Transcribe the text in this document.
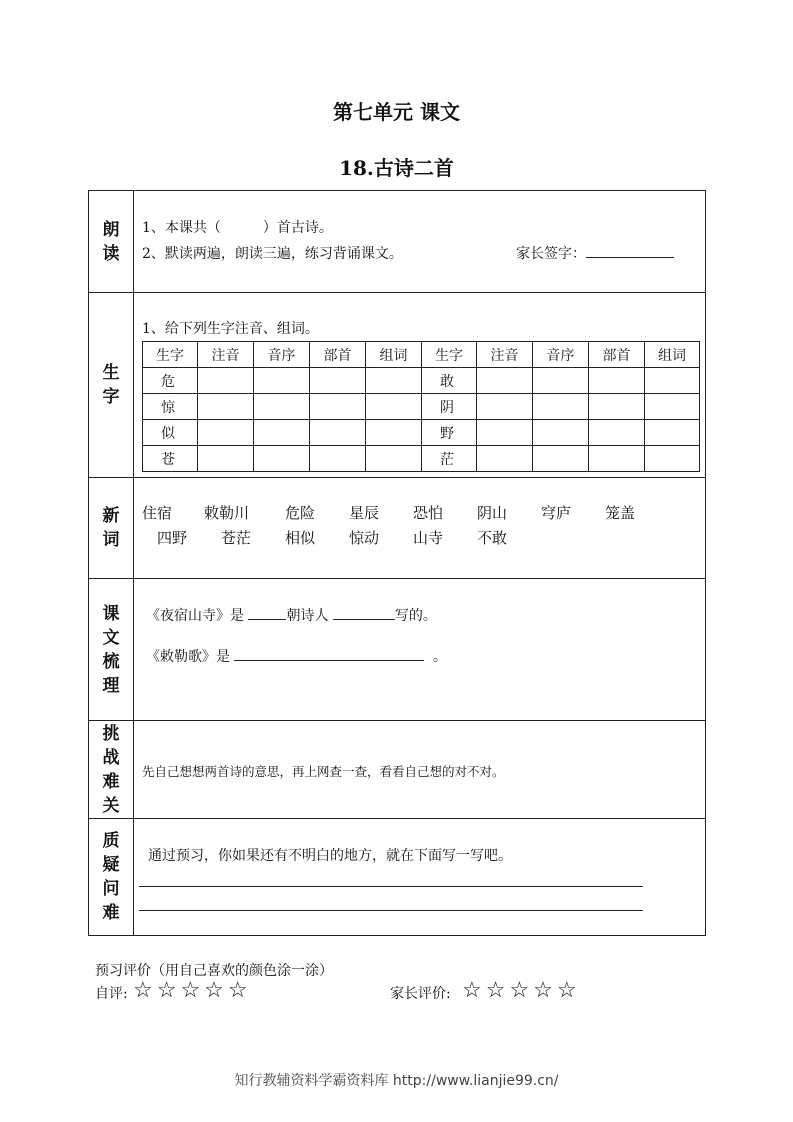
第七单元 课文
18.古诗二首
朗
读
1、本课共（　　　）首古诗。
2、默读两遍，朗读三遍，练习背诵课文。	家长签字：
生
字
1、给下列生字注音、组词。
生字	注音	音序	部首	组词	生字	注音	音序	部首	组词
危					敢				
惊					阴				
似					野				
苍					茫				
新
词
住宿 敕勒川 危险 星辰 恐怕 阴山 穹庐 笼盖
四野 苍茫 相似 惊动 山寺 不敢
课
文
梳
理
《夜宿山寺》是	朝诗人	写的。
《敕勒歌》是	。
挑
战
难
关
先自己想想两首诗的意思，再上网查一查，看看自己想的对不对。
质
疑
问
难
通过预习，你如果还有不明白的地方，就在下面写一写吧。
预习评价（用自己喜欢的颜色涂一涂）
自评: ☆☆☆☆☆	家长评价: ☆☆☆☆☆
知行教辅资料学霸资料库 http://www.lianjie99.cn/
